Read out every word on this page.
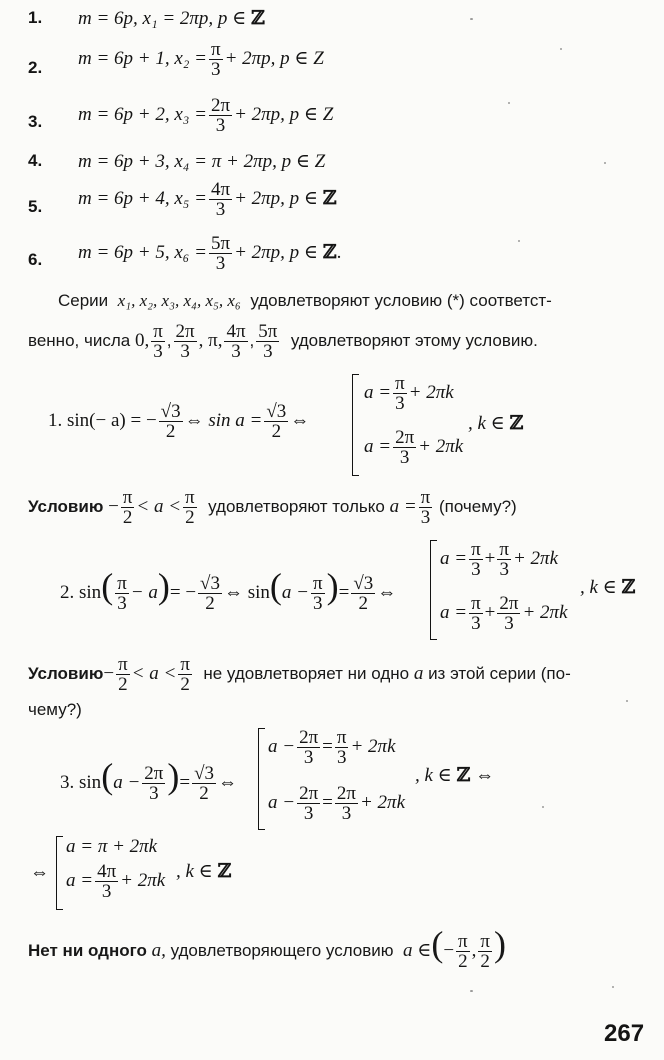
1. m = 6p, x₁ = 2πp, p ∈ ℤ
2. m = 6p + 1, $x_2 = \frac{\pi}{3} + 2\pi p$, p ∈ Z
3. m = 6p + 2, $x_3 = \frac{2\pi}{3} + 2\pi p$, p ∈ Z
4. m = 6p + 3, x₄ = π + 2πp, p ∈ Z
5. m = 6p + 4, $x_5 = \frac{4\pi}{3} + 2\pi p$, p ∈ ℤ
6. m = 6p + 5, $x_6 = \frac{5\pi}{3} + 2\pi p$, p ∈ ℤ.
Серии x₁, x₂, x₃, x₄, x₅, x₆ удовлетворяют условию (*) соответст-
венно, числа 0, $\frac{\pi}{3}$ , $\frac{2\pi}{3}$ , π, $\frac{4\pi}{3}$ , $\frac{5\pi}{3}$ удовлетворяют этому условию.
1. sin(− a) = − $\frac{√3}{2}$ ⇔ $\sin a = \frac{√3}{2}$ ⇔
$a = \frac{\pi}{3} + 2\pi k$
$a = \frac{2\pi}{3} + 2\pi k$
, k ∈ ℤ
Условию − $\frac{\pi}{2} < a < \frac{\pi}{2}$ удовлетворяют только $a = \frac{\pi}{3}$ (почему?)
2. $\sin( \frac{\pi}{3} - a)= - \frac{√3}{2}$ ⇔ $\sin(a - \frac{\pi}{3}$ )= $\frac{√3}{2}$ ⇔
$a = \frac{\pi}{3} + \frac{\pi}{3} + 2\pi k$
$a = \frac{\pi}{3} + \frac{2\pi}{3} + 2\pi k$
, k ∈ ℤ
Условию− $\frac{\pi}{2} < a < \frac{\pi}{2}$ не удовлетворяет ни одно a из этой серии (по-
чему?)
3. $\sin(a - \frac{2\pi}{3}$ )= $\frac{√3}{2}$ ⇔
$a - \frac{2\pi}{3} = \frac{\pi}{3} + 2\pi k$
$a - \frac{2\pi}{3} = \frac{2\pi}{3} + 2\pi k$
, k ∈ ℤ ⇔
⇔
a = π + 2πk
$a = \frac{4\pi}{3} + 2\pi k$ , k ∈ ℤ
Нет ни одного a, удовлетворяющего условию a ∈(− $\frac{\pi}{2}$ , $\frac{\pi}{2}$ )
267
